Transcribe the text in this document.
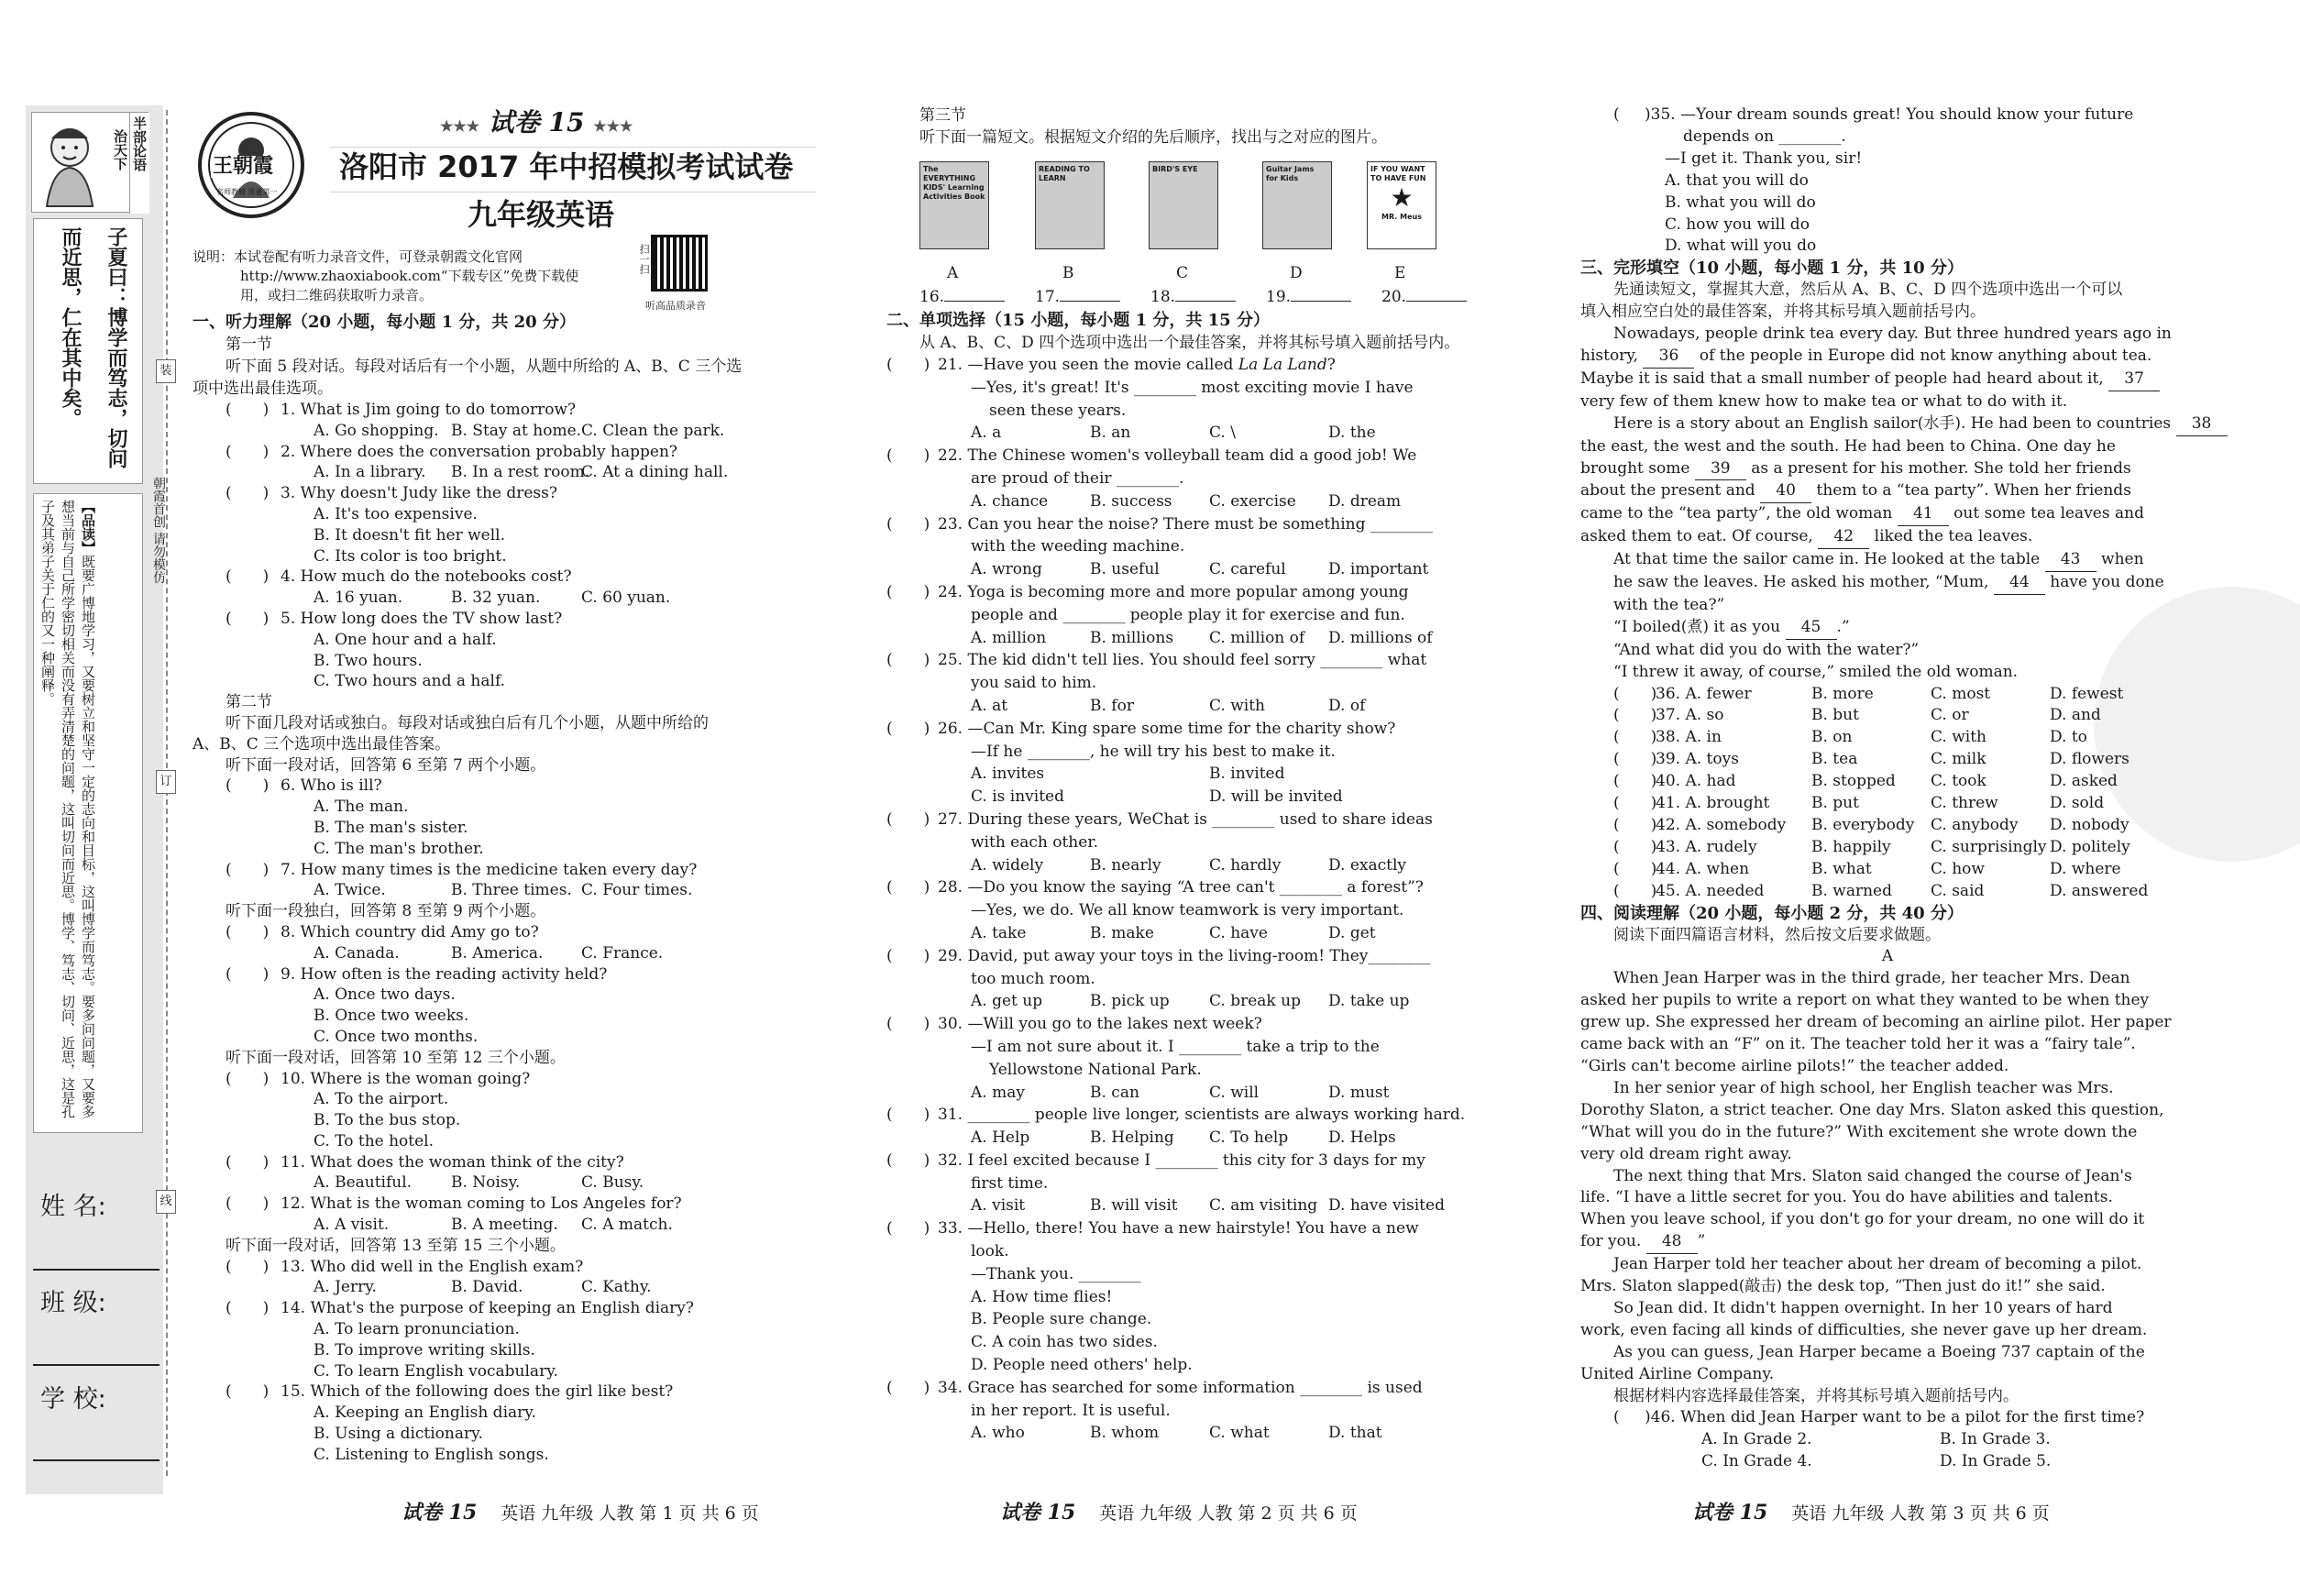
治天下
半部论语
子夏曰：博学而笃志，切问
而近思，仁在其中矣。
【品读】既要广博地学习，又要树立和坚守一定的志向和目标，这叫博学而笃志。要多问问题，又要多想当前与自己所学密切相关而没有弄清楚的问题，这叫切问而近思。博学、笃志、切问、近思，这是孔子及其弟子关于仁的又一种阐释。
姓 名:
班 级:
学 校:
装
订
线
朝霞首创 请勿模仿
王朝霞
名师教辅 质量第一
★★★ 试卷 15 ★★★
洛阳市 2017 年中招模拟考试试卷
九年级英语
说明：本试卷配有听力录音文件，可登录朝霞文化官网
http://www.zhaoxiabook.com“下载专区”免费下载使
用，或扫二维码获取听力录音。
扫一扫
听高品质录音
一、听力理解（20 小题，每小题 1 分，共 20 分）
第一节
听下面 5 段对话。每段对话后有一个小题，从题中所给的 A、B、C 三个选
项中选出最佳选项。
(　　) 1. What is Jim going to do tomorrow?
A. Go shopping. B. Stay at home. C. Clean the park.
(　　) 2. Where does the conversation probably happen?
A. In a library.	B. In a rest room.
C. At a dining hall.
(　　) 3. Why doesn't Judy like the dress?
A. It's too expensive.
B. It doesn't fit her well.
C. Its color is too bright.
(　　) 4. How much do the notebooks cost?
A. 16 yuan.	B. 32 yuan.	C. 60 yuan.
(　　) 5. How long does the TV show last?
A. One hour and a half.
B. Two hours.
C. Two hours and a half.
第二节
听下面几段对话或独白。每段对话或独白后有几个小题，从题中所给的
A、B、C 三个选项中选出最佳答案。
听下面一段对话，回答第 6 至第 7 两个小题。
(　　) 6. Who is ill?
A. The man.
B. The man's sister.
C. The man's brother.
(　　) 7. How many times is the medicine taken every day?
A. Twice.	B. Three times. C. Four times.
听下面一段独白，回答第 8 至第 9 两个小题。
(　　) 8. Which country did Amy go to?
A. Canada.	B. America.	C. France.
(　　) 9. How often is the reading activity held?
A. Once two days.
B. Once two weeks.
C. Once two months.
听下面一段对话，回答第 10 至第 12 三个小题。
(　　) 10. Where is the woman going?
A. To the airport.
B. To the bus stop.
C. To the hotel.
(　　) 11. What does the woman think of the city?
A. Beautiful.	B. Noisy.	C. Busy.
(　　) 12. What is the woman coming to Los Angeles for?
A. A visit.	B. A meeting.	C. A match.
听下面一段对话，回答第 13 至第 15 三个小题。
(　　) 13. Who did well in the English exam?
A. Jerry.	B. David.	C. Kathy.
(　　) 14. What's the purpose of keeping an English diary?
A. To learn pronunciation.
B. To improve writing skills.
C. To learn English vocabulary.
(　　) 15. Which of the following does the girl like best?
A. Keeping an English diary.
B. Using a dictionary.
C. Listening to English songs.
试卷 15 英语 九年级 人教 第 1 页 共 6 页
第三节
听下面一篇短文。根据短文介绍的先后顺序，找出与之对应的图片。
The EVERYTHING KIDS' Learning Activities Book
A
READING TO LEARN
B
BIRD'S EYE
C
Guitar Jams for Kids
D
IF YOU WANT TO HAVE FUN
★
MR. Meus
E
16.	17.	18.	19.	20.
二、单项选择（15 小题，每小题 1 分，共 15 分）
从 A、B、C、D 四个选项中选出一个最佳答案，并将其标号填入题前括号内。
(　　) 21. —Have you seen the movie called La La Land?
—Yes, it's great! It's ________ most exciting movie I have
seen these years.
A. a	B. an	C. \	D. the
(　　) 22. The Chinese women's volleyball team did a good job! We
are proud of their ________.
A. chance	B. success	C. exercise	D. dream
(　　) 23. Can you hear the noise? There must be something ________
with the weeding machine.
A. wrong	B. useful	C. careful	D. important
(　　) 24. Yoga is becoming more and more popular among young
people and ________ people play it for exercise and fun.
A. million	B. millions	C. million of	D. millions of
(　　) 25. The kid didn't tell lies. You should feel sorry ________ what
you said to him.
A. at	B. for	C. with	D. of
(　　) 26. —Can Mr. King spare some time for the charity show?
—If he ________, he will try his best to make it.
A. invites	B. invited
C. is invited	D. will be invited
(　　) 27. During these years, WeChat is ________ used to share ideas
with each other.
A. widely	B. nearly	C. hardly	D. exactly
(　　) 28. —Do you know the saying “A tree can't ________ a forest”?
—Yes, we do. We all know teamwork is very important.
A. take	B. make	C. have	D. get
(　　) 29. David, put away your toys in the living-room! They________
too much room.
A. get up	B. pick up	C. break up	D. take up
(　　) 30. —Will you go to the lakes next week?
—I am not sure about it. I ________ take a trip to the
Yellowstone National Park.
A. may	B. can	C. will	D. must
(　　) 31. ________ people live longer, scientists are always working hard.
A. Help	B. Helping	C. To help	D. Helps
(　　) 32. I feel excited because I ________ this city for 3 days for my
first time.
A. visit	B. will visit	C. am visiting D. have visited
(　　) 33. —Hello, there! You have a new hairstyle! You have a new
look.
—Thank you. ________
A. How time flies!
B. People sure change.
C. A coin has two sides.
D. People need others' help.
(　　) 34. Grace has searched for some information ________ is used
in her report. It is useful.
A. who	B. whom	C. what	D. that
试卷 15 英语 九年级 人教 第 2 页 共 6 页
(　　
)35. —Your dream sounds great! You should know your future
depends on ________.
—I get it. Thank you, sir!
A. that you will do
B. what you will do
C. how you will do
D. what will you do
三、完形填空（10 小题，每小题 1 分，共 10 分）
先通读短文，掌握其大意，然后从 A、B、C、D 四个选项中选出一个可以
填入相应空白处的最佳答案，并将其标号填入题前括号内。
Nowadays, people drink tea every day. But three hundred years ago in
history, 36 of the people in Europe did not know anything about tea.
Maybe it is said that a small number of people had heard about it, 37
very few of them knew how to make tea or what to do with it.
Here is a story about an English sailor(水手). He had been to countries 38
the east, the west and the south. He had been to China. One day he
brought some 39 as a present for his mother. She told her friends
about the present and 40 them to a “tea party”. When her friends
came to the “tea party”, the old woman 41 out some tea leaves and
asked them to eat. Of course, 42 liked the tea leaves.
At that time the sailor came in. He looked at the table 43 when
he saw the leaves. He asked his mother, “Mum, 44 have you done
with the tea?”
“I boiled(煮) it as you 45 .”
“And what did you do with the water?”
“I threw it away, of course,” smiled the old woman.
(　　)
36. A. fewer	B. more	C. most	D. fewest
(　　)
37. A. so	B. but	C. or	D. and
(　　)
38. A. in	B. on	C. with	D. to
(　　)
39. A. toys	B. tea	C. milk	D. flowers
(　　)
40. A. had	B. stopped	C. took	D. asked
(　　)
41. A. brought	B. put	C. threw	D. sold
(　　)
42. A. somebody	B. everybody	C. anybody	D. nobody
(　　)
43. A. rudely	B. happily	C. surprisingly D. politely
(　　)
44. A. when	B. what	C. how	D. where
(　　)
45. A. needed	B. warned	C. said	D. answered
四、阅读理解（20 小题，每小题 2 分，共 40 分）
阅读下面四篇语言材料，然后按文后要求做题。
A
When Jean Harper was in the third grade, her teacher Mrs. Dean
asked her pupils to write a report on what they wanted to be when they
grew up. She expressed her dream of becoming an airline pilot. Her paper
came back with an “F” on it. The teacher told her it was a “fairy tale”.
“Girls can't become airline pilots!” the teacher added.
In her senior year of high school, her English teacher was Mrs.
Dorothy Slaton, a strict teacher. One day Mrs. Slaton asked this question,
“What will you do in the future?” With excitement she wrote down the
very old dream right away.
The next thing that Mrs. Slaton said changed the course of Jean's
life. “I have a little secret for you. You do have abilities and talents.
When you leave school, if you don't go for your dream, no one will do it
for you. 48 ”
Jean Harper told her teacher about her dream of becoming a pilot.
Mrs. Slaton slapped(敲击) the desk top, “Then just do it!” she said.
So Jean did. It didn't happen overnight. In her 10 years of hard
work, even facing all kinds of difficulties, she never gave up her dream.
As you can guess, Jean Harper became a Boeing 737 captain of the
United Airline Company.
根据材料内容选择最佳答案，并将其标号填入题前括号内。
(　　
)46. When did Jean Harper want to be a pilot for the first time?
A. In Grade 2.	B. In Grade 3.
C. In Grade 4.	D. In Grade 5.
试卷 15 英语 九年级 人教 第 3 页 共 6 页
